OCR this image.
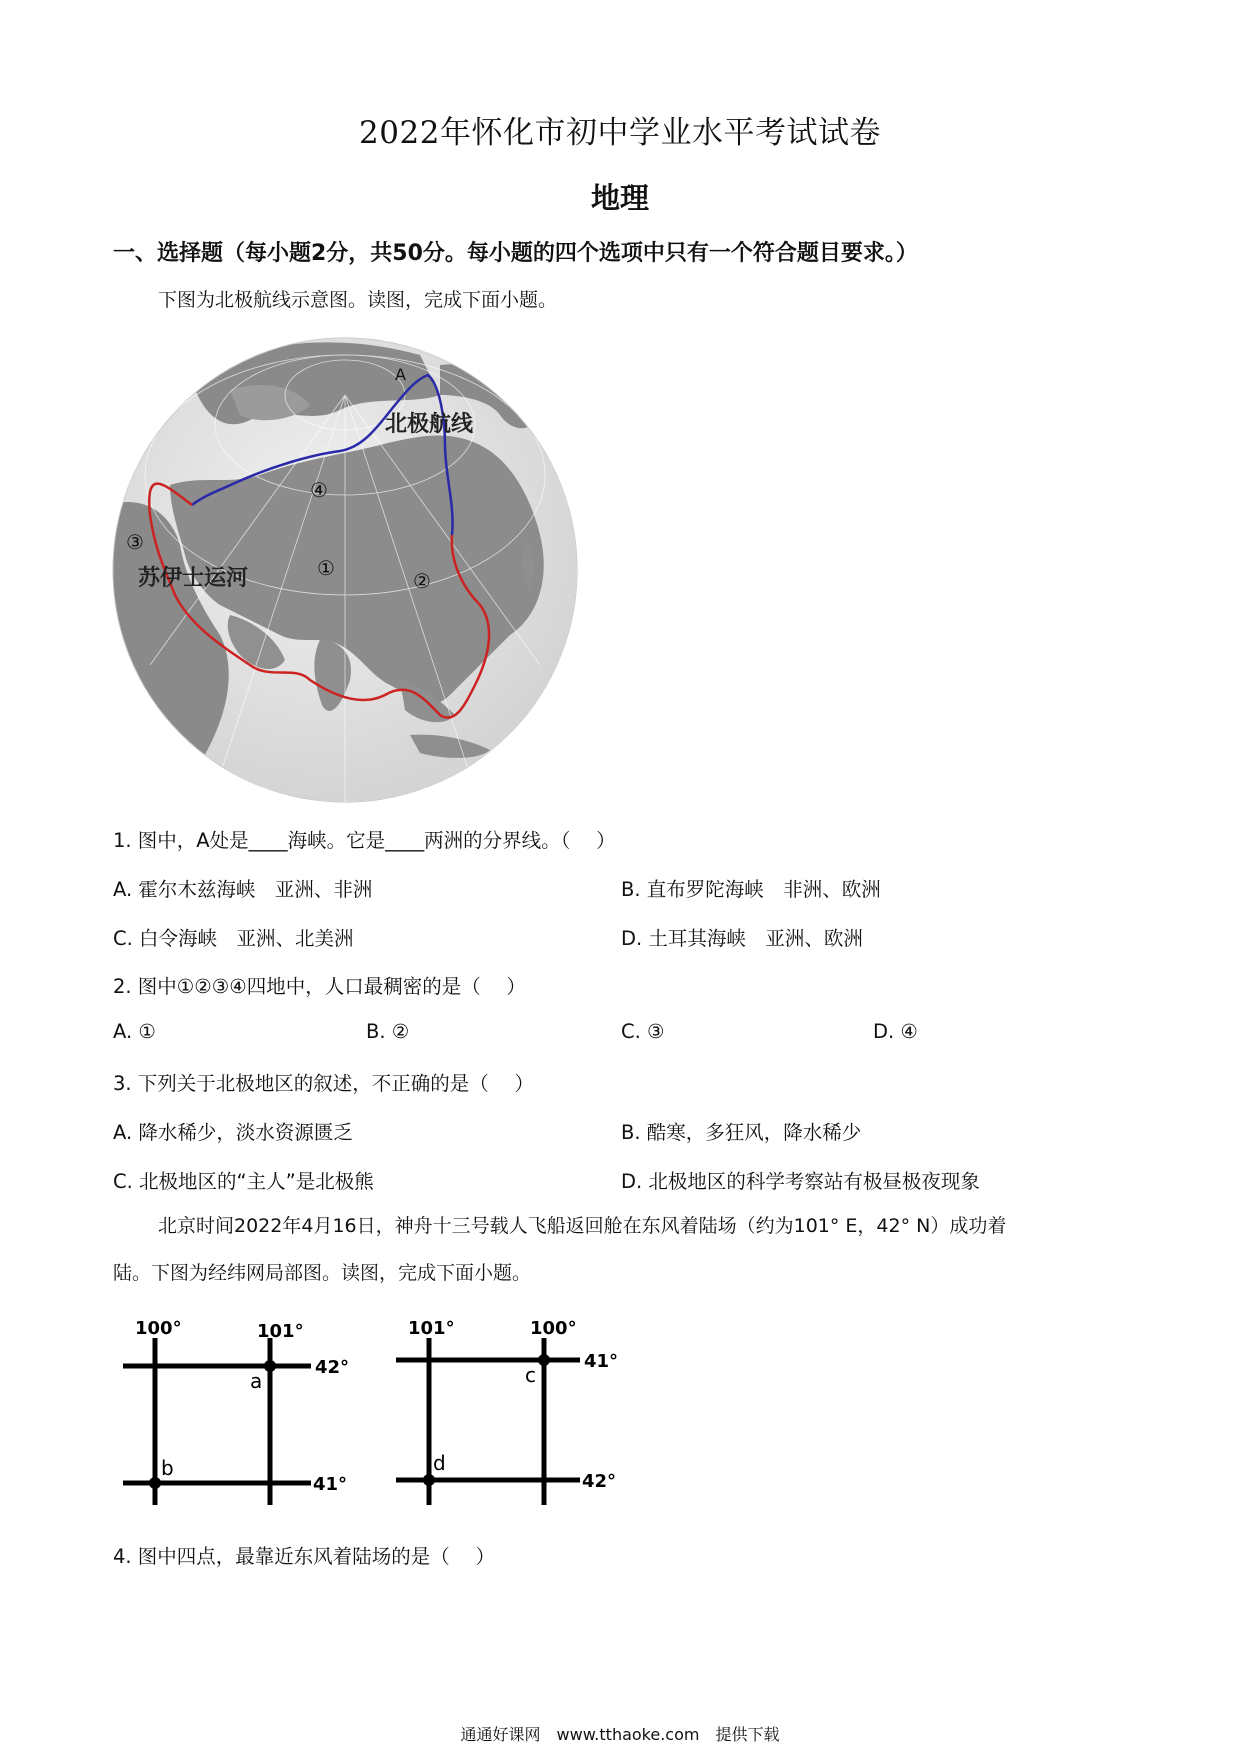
2022年怀化市初中学业水平考试试卷
地理
一、选择题（每小题2分，共50分。每小题的四个选项中只有一个符合题目要求。）
下图为北极航线示意图。读图，完成下面小题。
A
北极航线
苏伊士运河
④
①
②
③
1. 图中，A处是____海峡。它是____两洲的分界线。（　 ）
A. 霍尔木兹海峡　亚洲、非洲	B. 直布罗陀海峡　非洲、欧洲
C. 白令海峡　亚洲、北美洲	D. 土耳其海峡　亚洲、欧洲
2. 图中①②③④四地中，人口最稠密的是（　 ）
A. ①	B. ②	C. ③	D. ④
3. 下列关于北极地区的叙述，不正确的是（　 ）
A. 降水稀少，淡水资源匮乏	B. 酷寒，多狂风，降水稀少
C. 北极地区的“主人”是北极熊	D. 北极地区的科学考察站有极昼极夜现象
北京时间2022年4月16日，神舟十三号载人飞船返回舱在东风着陆场（约为101° E，42° N）成功着
陆。下图为经纬网局部图。读图，完成下面小题。
100°	101°
42°
41°
a
b
101°	100°
41°
42°
c
d
4. 图中四点，最靠近东风着陆场的是（　 ）
通通好课网　www.tthaoke.com　提供下载
